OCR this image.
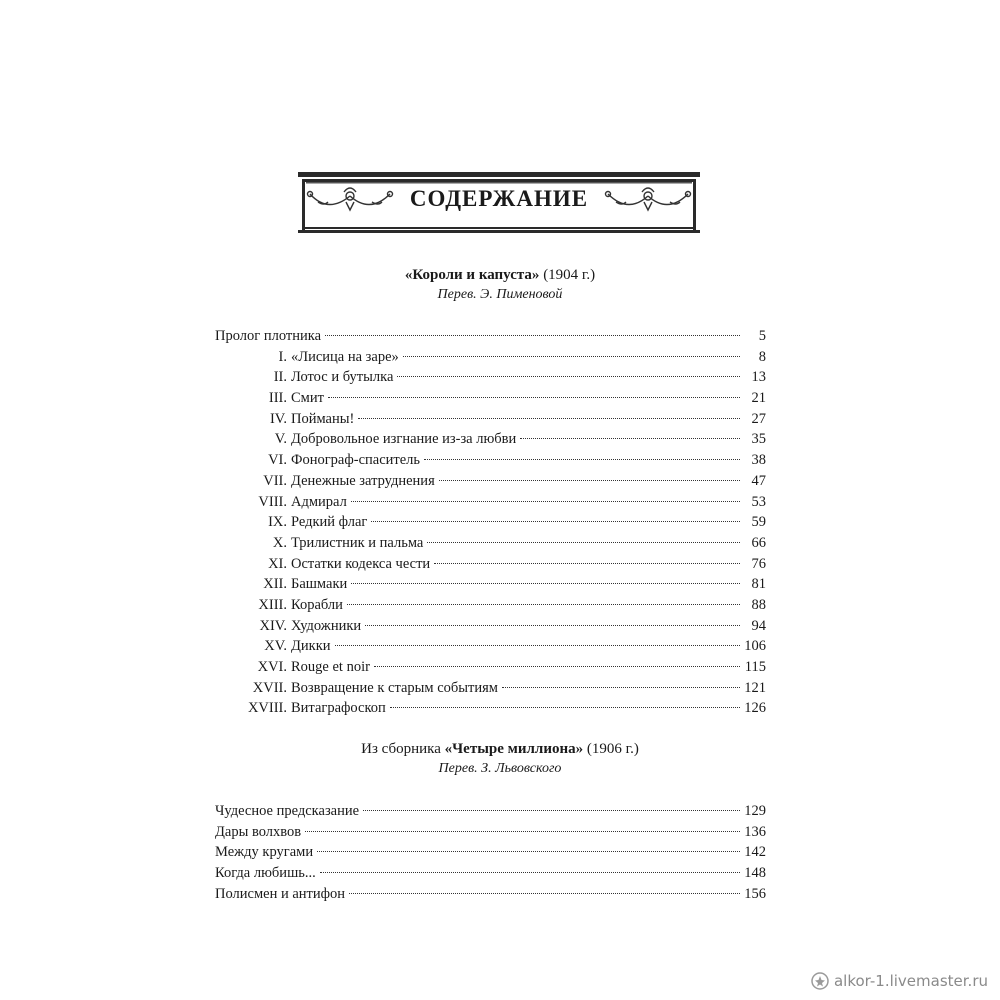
СОДЕРЖАНИЕ
«Короли и капуста» (1904 г.)
Перев. Э. Пименовой
Пролог плотника	5
I. «Лисица на заре»	8
II. Лотос и бутылка	13
III. Смит	21
IV. Пойманы!	27
V. Добровольное изгнание из-за любви	35
VI. Фонограф-спаситель	38
VII. Денежные затруднения	47
VIII. Адмирал	53
IX. Редкий флаг	59
X. Трилистник и пальма	66
XI. Остатки кодекса чести	76
XII. Башмаки	81
XIII. Корабли	88
XIV. Художники	94
XV. Дикки	106
XVI. Rouge et noir	115
XVII. Возвращение к старым событиям	121
XVIII. Витаграфоскоп	126
Из сборника «Четыре миллиона» (1906 г.)
Перев. З. Львовского
Чудесное предсказание	129
Дары волхвов	136
Между кругами	142
Когда любишь...	148
Полисмен и антифон	156
alkor-1.livemaster.ru
